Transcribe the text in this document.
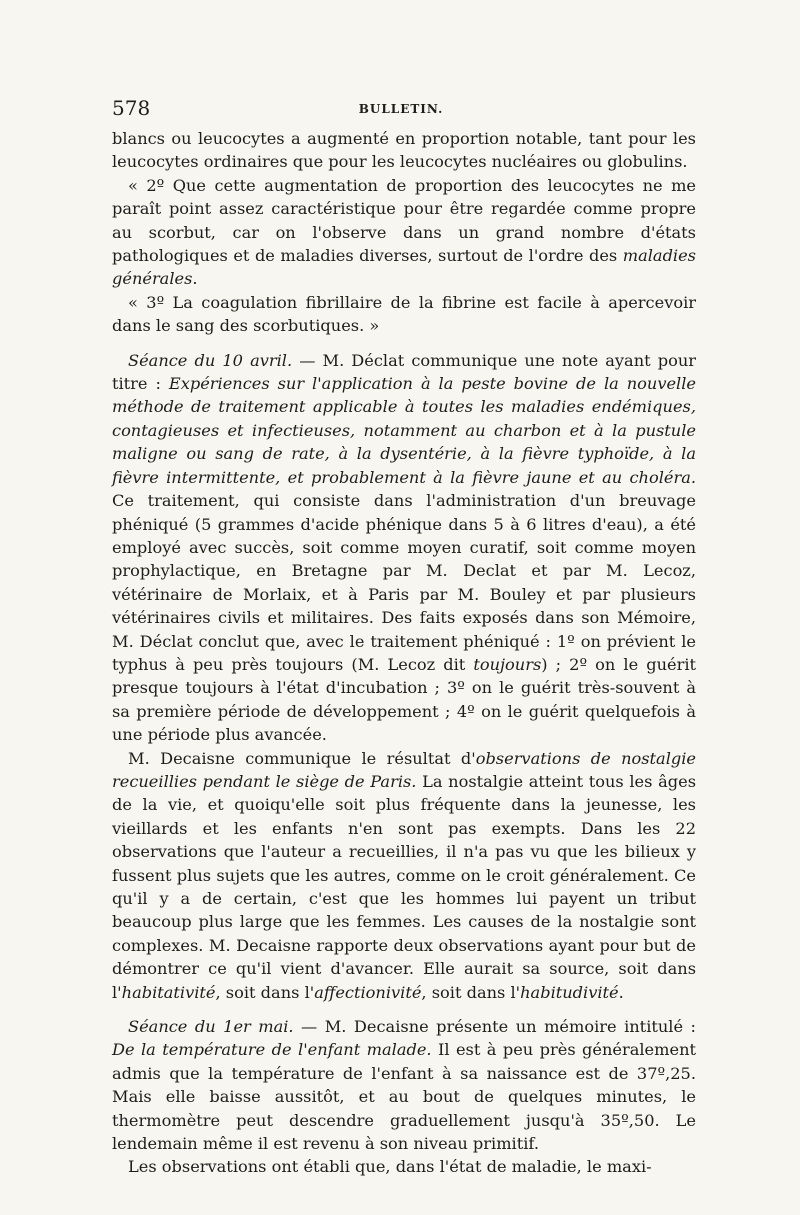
578	BULLETIN.

blancs ou leucocytes a augmenté en proportion notable, tant pour les leucocytes ordinaires que pour les leucocytes nucléaires ou globulins.

« 2º Que cette augmentation de proportion des leucocytes ne me paraît point assez caractéristique pour être regardée comme propre au scorbut, car on l'observe dans un grand nombre d'états pathologiques et de maladies diverses, surtout de l'ordre des maladies générales.

« 3º La coagulation fibrillaire de la fibrine est facile à apercevoir dans le sang des scorbutiques. »

Séance du 10 avril. — M. Déclat communique une note ayant pour titre : Expériences sur l'application à la peste bovine de la nouvelle méthode de traitement applicable à toutes les maladies endémiques, contagieuses et infectieuses, notamment au charbon et à la pustule maligne ou sang de rate, à la dysentérie, à la fièvre typhoïde, à la fièvre intermittente, et probablement à la fièvre jaune et au choléra. Ce traitement, qui consiste dans l'administration d'un breuvage phéniqué (5 grammes d'acide phénique dans 5 à 6 litres d'eau), a été employé avec succès, soit comme moyen curatif, soit comme moyen prophylactique, en Bretagne par M. Declat et par M. Lecoz, vétérinaire de Morlaix, et à Paris par M. Bouley et par plusieurs vétérinaires civils et militaires. Des faits exposés dans son Mémoire, M. Déclat conclut que, avec le traitement phéniqué : 1º on prévient le typhus à peu près toujours (M. Lecoz dit toujours) ; 2º on le guérit presque toujours à l'état d'incubation ; 3º on le guérit très-souvent à sa première période de développement ; 4º on le guérit quelquefois à une période plus avancée.

M. Decaisne communique le résultat d'observations de nostalgie recueillies pendant le siège de Paris. La nostalgie atteint tous les âges de la vie, et quoiqu'elle soit plus fréquente dans la jeunesse, les vieillards et les enfants n'en sont pas exempts. Dans les 22 observations que l'auteur a recueillies, il n'a pas vu que les bilieux y fussent plus sujets que les autres, comme on le croit généralement. Ce qu'il y a de certain, c'est que les hommes lui payent un tribut beaucoup plus large que les femmes. Les causes de la nostalgie sont complexes. M. Decaisne rapporte deux observations ayant pour but de démontrer ce qu'il vient d'avancer. Elle aurait sa source, soit dans l'habitativité, soit dans l'affectionivité, soit dans l'habitudivité.

Séance du 1er mai. — M. Decaisne présente un mémoire intitulé : De la température de l'enfant malade. Il est à peu près généralement admis que la température de l'enfant à sa naissance est de 37º,25. Mais elle baisse aussitôt, et au bout de quelques minutes, le thermomètre peut descendre graduellement jusqu'à 35º,50. Le lendemain même il est revenu à son niveau primitif.

Les observations ont établi que, dans l'état de maladie, le maxi-
